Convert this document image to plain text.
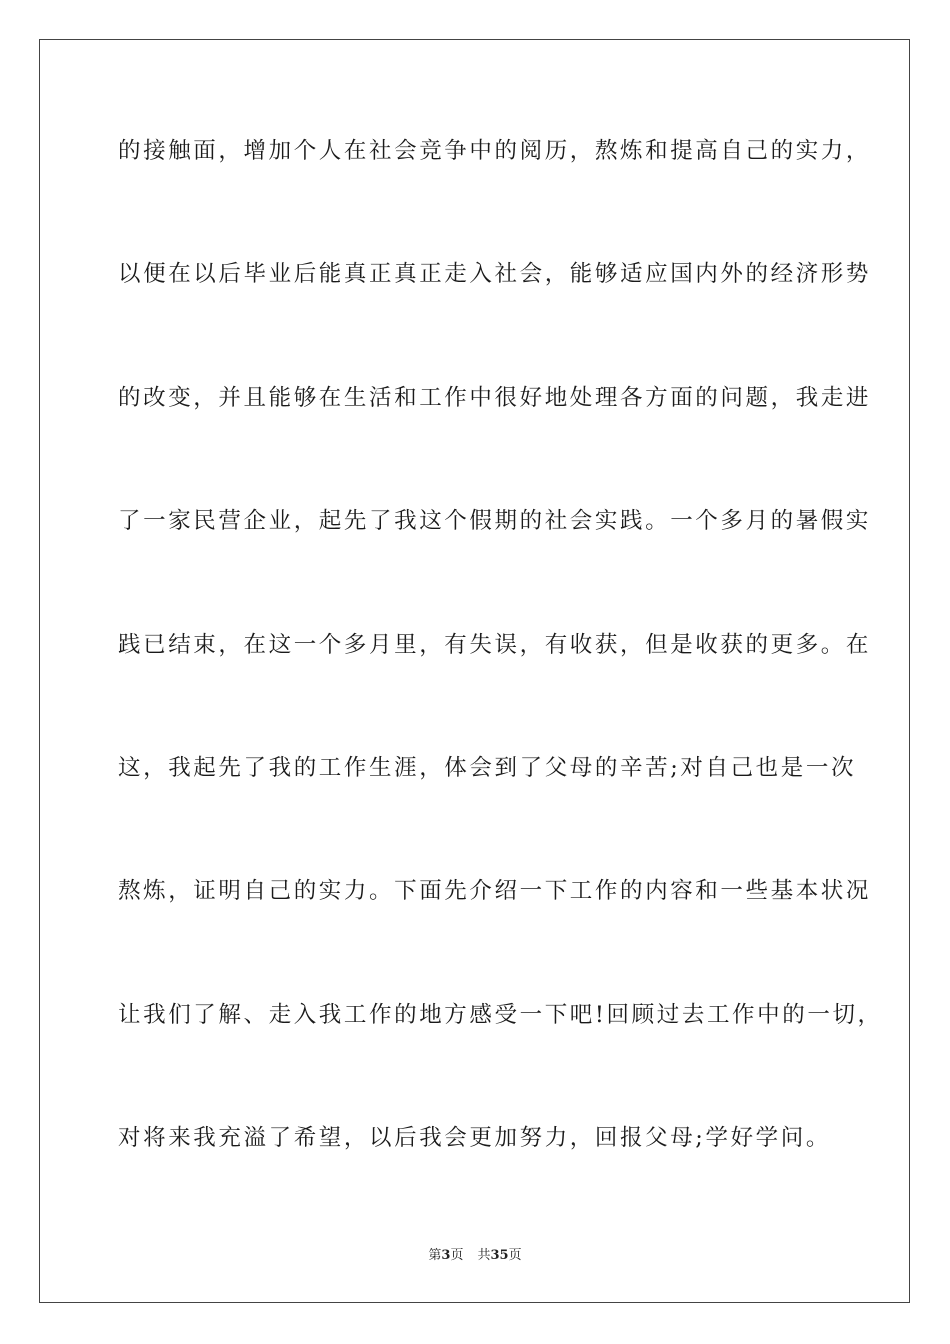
的接触面，增加个人在社会竞争中的阅历，熬炼和提高自己的实力，
以便在以后毕业后能真正真正走入社会，能够适应国内外的经济形势
的改变，并且能够在生活和工作中很好地处理各方面的问题，我走进
了一家民营企业，起先了我这个假期的社会实践。一个多月的暑假实
践已结束，在这一个多月里，有失误，有收获，但是收获的更多。在
这，我起先了我的工作生涯，体会到了父母的辛苦;对自己也是一次
熬炼，证明自己的实力。下面先介绍一下工作的内容和一些基本状况
让我们了解、走入我工作的地方感受一下吧!回顾过去工作中的一切，
对将来我充溢了希望，以后我会更加努力，回报父母;学好学问。
第3页 共35页
